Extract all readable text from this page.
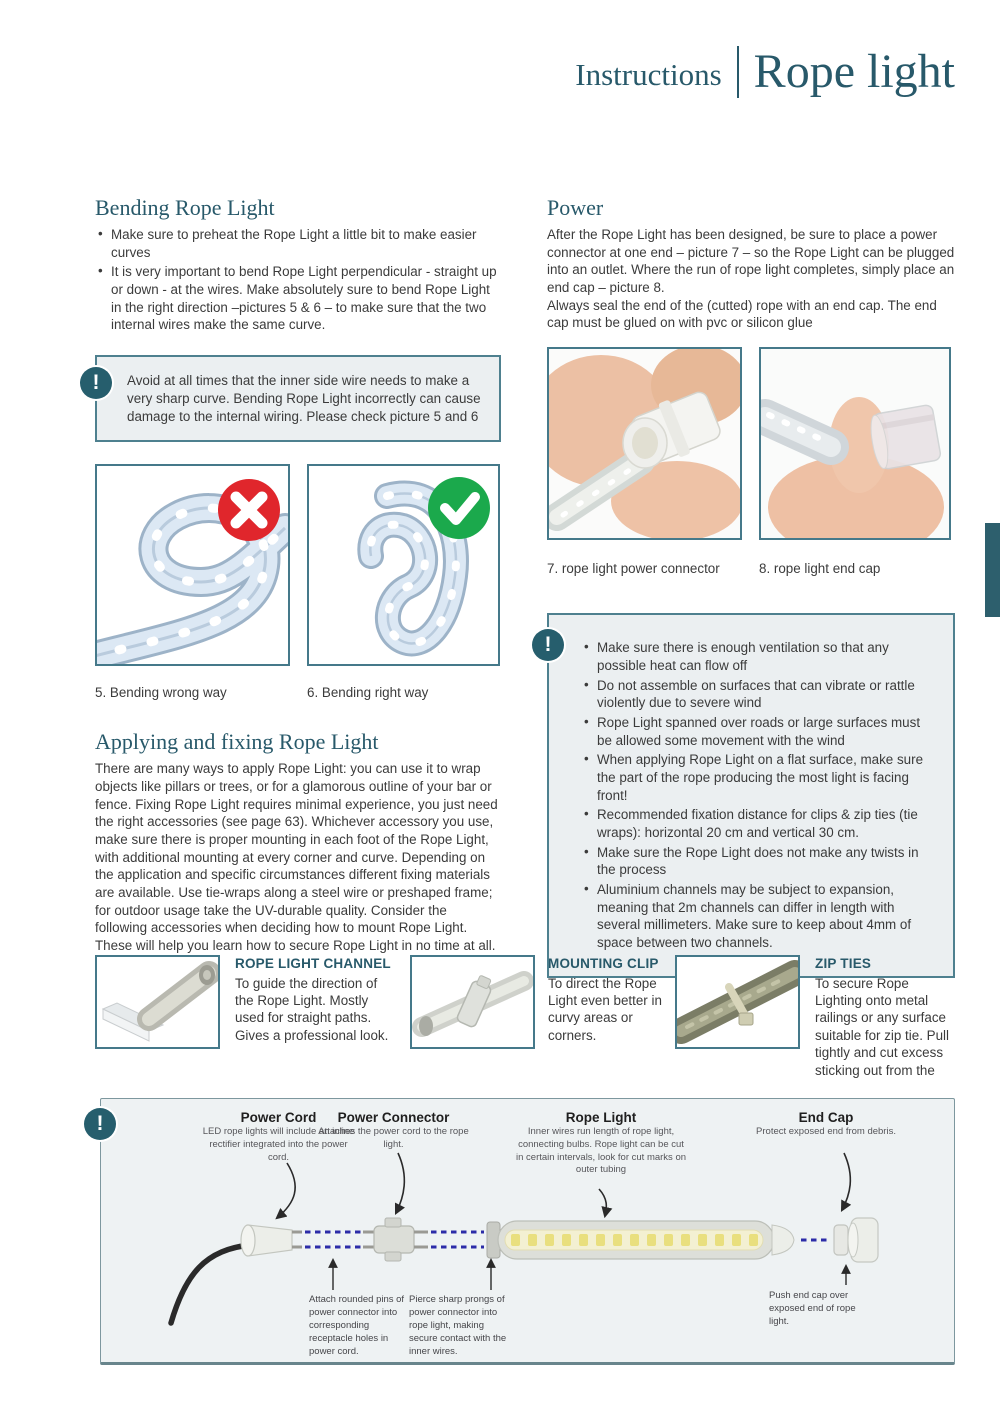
Instructions Rope light
Bending Rope Light
• Make sure to preheat the Rope Light a little bit to make easier curves
• It is very important to bend Rope Light perpendicular - straight up or down - at the wires. Make absolutely sure to bend Rope Light in the right direction –pictures 5 & 6 – to make sure that the two internal wires make the same curve.
!	Avoid at all times that the inner side wire needs to make a very sharp curve. Bending Rope Light incorrectly can cause damage to the internal wiring. Please check picture 5 and 6
5. Bending wrong way	6. Bending right way
Applying and fixing Rope Light

There are many ways to apply Rope Light: you can use it to wrap objects like pillars or trees, or for a glamorous outline of your bar or fence. Fixing Rope Light requires minimal experience, you just need the right accessories (see page 63). Whichever accessory you use, make sure there is proper mounting in each foot of the Rope Light, with additional mounting at every corner and curve. Depending on the application and specific circumstances different fixing materials are available. Use tie-wraps along a steel wire or preshaped frame; for outdoor usage take the UV-durable quality. Consider the following accessories when deciding how to mount Rope Light. These will help you learn how to secure Rope Light in no time at all.

Power

After the Rope Light has been designed, be sure to place a power connector at one end – picture 7 – so the Rope Light can be plugged into an outlet. Where the run of rope light completes, simply place an end cap – picture 8.

Always seal the end of the (cutted) rope with an end cap. The end cap must be glued on with pvc or silicon glue

7. rope light power connector	8. rope light end cap
!	• Make sure there is enough ventilation so that any possible heat can flow off
• Do not assemble on surfaces that can vibrate or rattle violently due to severe wind
• Rope Light spanned over roads or large surfaces must be allowed some movement with the wind
• When applying Rope Light on a flat surface, make sure the part of the rope producing the most light is facing front!
• Recommended fixation distance for clips & zip ties (tie wraps): horizontal 20 cm and vertical 30 cm.
• Make sure the Rope Light does not make any twists in the process
• Aluminium channels may be subject to expansion, meaning that 2m channels can differ in length with several millimeters. Make sure to keep about 4mm of space between two channels.
ROPE LIGHT CHANNEL
To guide the direction of the Rope Light. Mostly used for straight paths. Gives a professional look.
MOUNTING CLIP
To direct the Rope Light even better in curvy areas or corners.
ZIP TIES
To secure Rope Lighting onto metal railings or any surface suitable for zip tie. Pull tightly and cut excess sticking out from the
!	Power Cord
LED rope lights will include an inline rectifier integrated into the power cord.
Power Connector
Attaches the power cord to the rope light.
Rope Light
Inner wires run length of rope light, connecting bulbs. Rope light can be cut in certain intervals, look for cut marks on outer tubing
End Cap
Protect exposed end from debris.
Attach rounded pins of power connector into corresponding receptacle holes in power cord.
Pierce sharp prongs of power connector into rope light, making secure contact with the inner wires.
Push end cap over exposed end of rope light.
